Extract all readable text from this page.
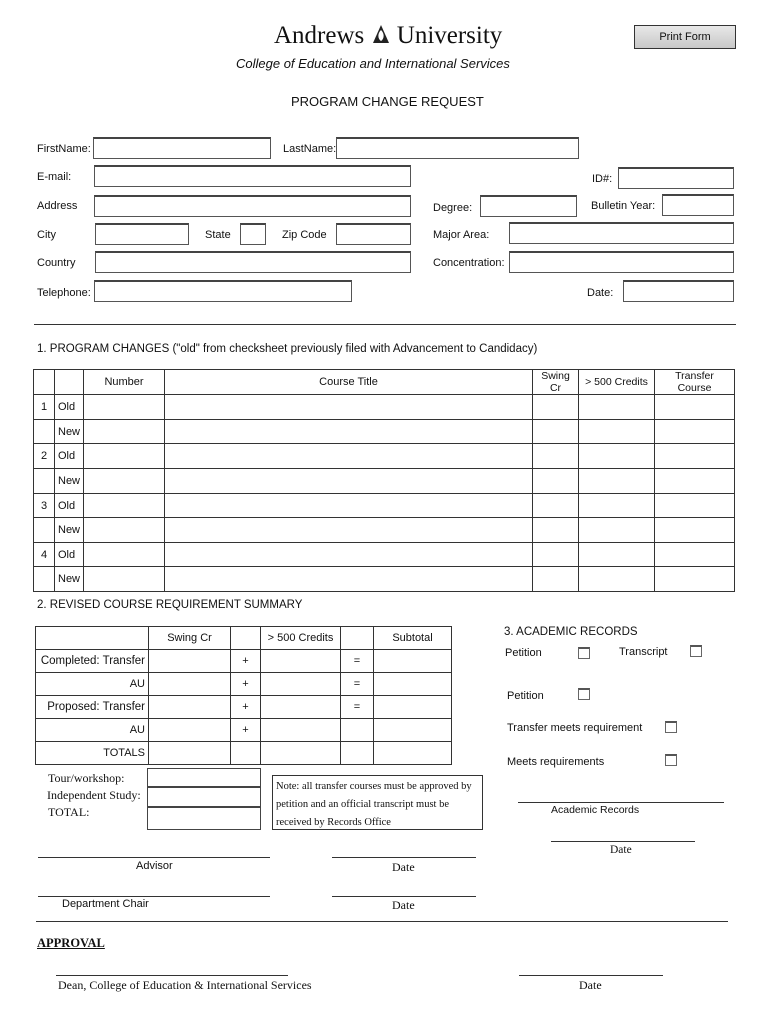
Andrews University
College of Education and International Services
PROGRAM CHANGE REQUEST
Print Form
FirstName:	LastName:
E-mail:	ID#:
Address	Degree:	Bulletin Year:
City	State	Zip Code	Major Area:
Country	Concentration:
Telephone:	Date:
1. PROGRAM CHANGES ("old" from checksheet previously filed with Advancement to Candidacy)
		Number	Course Title	Swing Cr	> 500 Credits	Transfer Course
1	Old					
	New					
2	Old					
	New					
3	Old					
	New					
4	Old					
	New					
2. REVISED COURSE REQUIREMENT SUMMARY
	Swing Cr		> 500 Credits		Subtotal
Completed: Transfer		+		=	
AU		+		=	
Proposed: Transfer		+		=	
AU		+			
TOTALS					
Tour/workshop:
Independent Study:
TOTAL:
Note: all transfer courses must be approved by petition and an official transcript must be received by Records Office
3. ACADEMIC RECORDS
Petition	Transcript
Petition
Transfer meets requirement
Meets requirements
Academic Records
Date
Advisor	Date
Department Chair	Date
APPROVAL
Dean, College of Education & International Services	Date
